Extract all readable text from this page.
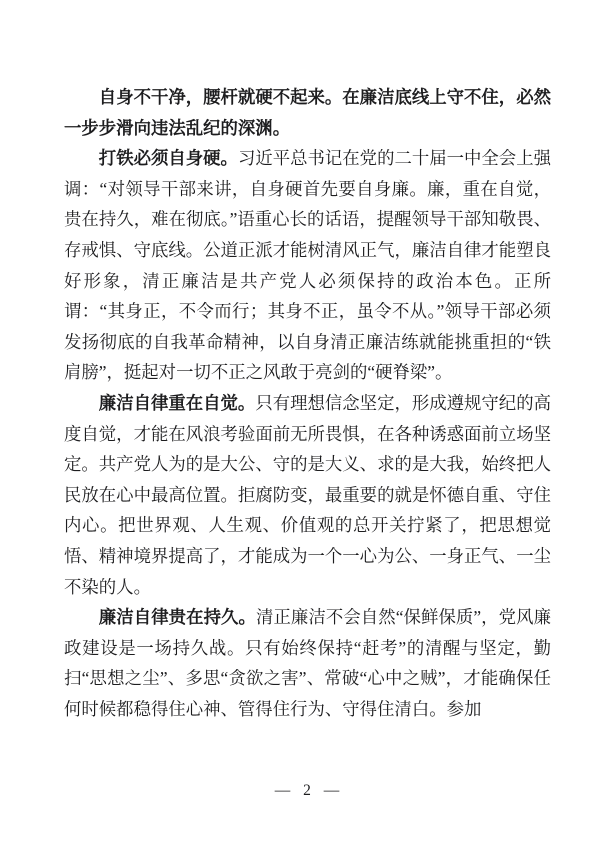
自身不干净，腰杆就硬不起来。在廉洁底线上守不住，必然一步步滑向违法乱纪的深渊。

打铁必须自身硬。习近平总书记在党的二十届一中全会上强调：“对领导干部来讲，自身硬首先要自身廉。廉，重在自觉，贵在持久，难在彻底。”语重心长的话语，提醒领导干部知敬畏、存戒惧、守底线。公道正派才能树清风正气，廉洁自律才能塑良好形象，清正廉洁是共产党人必须保持的政治本色。正所谓：“其身正，不令而行；其身不正，虽令不从。”领导干部必须发扬彻底的自我革命精神，以自身清正廉洁练就能挑重担的“铁肩膀”，挺起对一切不正之风敢于亮剑的“硬脊梁”。

廉洁自律重在自觉。只有理想信念坚定，形成遵规守纪的高度自觉，才能在风浪考验面前无所畏惧，在各种诱惑面前立场坚定。共产党人为的是大公、守的是大义、求的是大我，始终把人民放在心中最高位置。拒腐防变，最重要的就是怀德自重、守住内心。把世界观、人生观、价值观的总开关拧紧了，把思想觉悟、精神境界提高了，才能成为一个一心为公、一身正气、一尘不染的人。

廉洁自律贵在持久。清正廉洁不会自然“保鲜保质”，党风廉政建设是一场持久战。只有始终保持“赶考”的清醒与坚定，勤扫“思想之尘”、多思“贪欲之害”、常破“心中之贼”，才能确保任何时候都稳得住心神、管得住行为、守得住清白。参加

— 2 —
